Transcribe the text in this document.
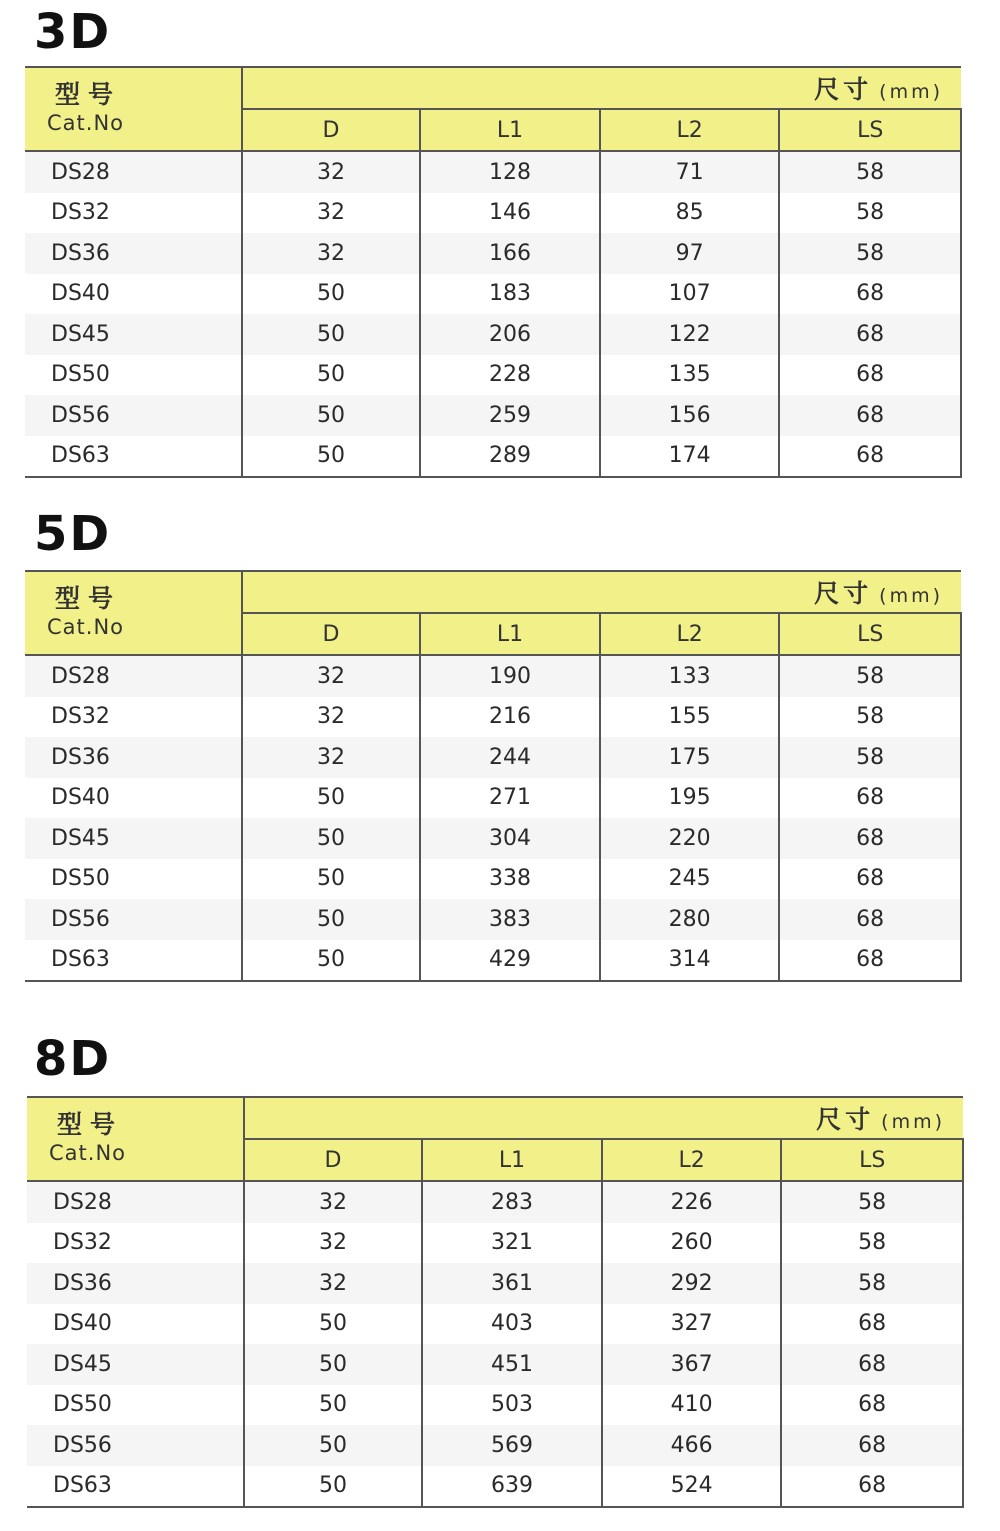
3D
型号
Cat.No	尺寸 (mm)			
	D	L1	L2	LS
DS28	32	128	71	58
DS32	32	146	85	58
DS36	32	166	97	58
DS40	50	183	107	68
DS45	50	206	122	68
DS50	50	228	135	68
DS56	50	259	156	68
DS63	50	289	174	68
5D
型号
Cat.No	尺寸 (mm)			
	D	L1	L2	LS
DS28	32	190	133	58
DS32	32	216	155	58
DS36	32	244	175	58
DS40	50	271	195	68
DS45	50	304	220	68
DS50	50	338	245	68
DS56	50	383	280	68
DS63	50	429	314	68
8D
型号
Cat.No	尺寸 (mm)			
	D	L1	L2	LS
DS28	32	283	226	58
DS32	32	321	260	58
DS36	32	361	292	58
DS40	50	403	327	68
DS45	50	451	367	68
DS50	50	503	410	68
DS56	50	569	466	68
DS63	50	639	524	68
